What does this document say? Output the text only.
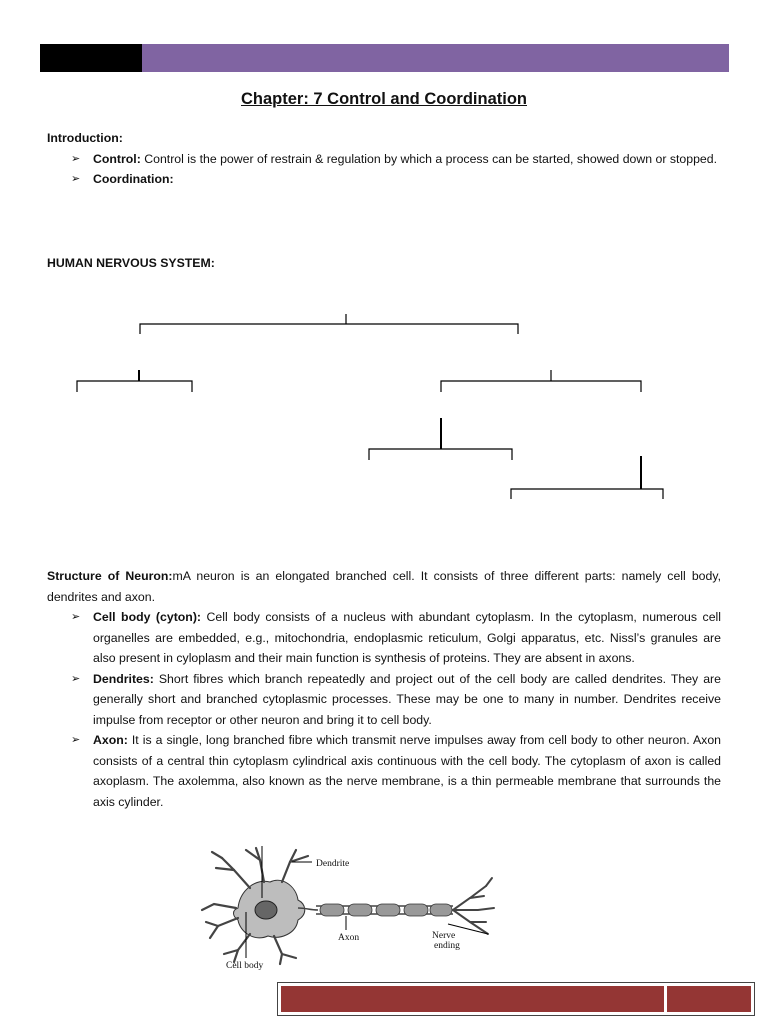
Chapter: 7 Control and Coordination

Introduction:

➢ Control: Control is the power of restrain & regulation by which a process can be started, showed down or stopped.

➢ Coordination:

HUMAN NERVOUS SYSTEM:

Structure of Neuron:mA neuron is an elongated branched cell. It consists of three different parts: namely cell body, dendrites and axon.

➢ Cell body (cyton): Cell body consists of a nucleus with abundant cytoplasm. In the cytoplasm, numerous cell organelles are embedded, e.g., mitochondria, endoplasmic reticulum, Golgi apparatus, etc. Nissl’s granules are also present in cyloplasm and their main function is synthesis of proteins. They are absent in axons.

➢ Dendrites: Short fibres which branch repeatedly and project out of the cell body are called dendrites. They are generally short and branched cytoplasmic processes. These may be one to many in number. Dendrites receive impulse from receptor or other neuron and bring it to cell body.

➢ Axon: It is a single, long branched fibre which transmit nerve impulses away from cell body to other neuron. Axon consists of a central thin cytoplasm cylindrical axis continuous with the cell body. The cytoplasm of axon is called axoplasm. The axolemma, also known as the nerve membrane, is a thin permeable membrane that surrounds the axis cylinder.

Dendrite
Axon	Nerve
ending
Cell body
